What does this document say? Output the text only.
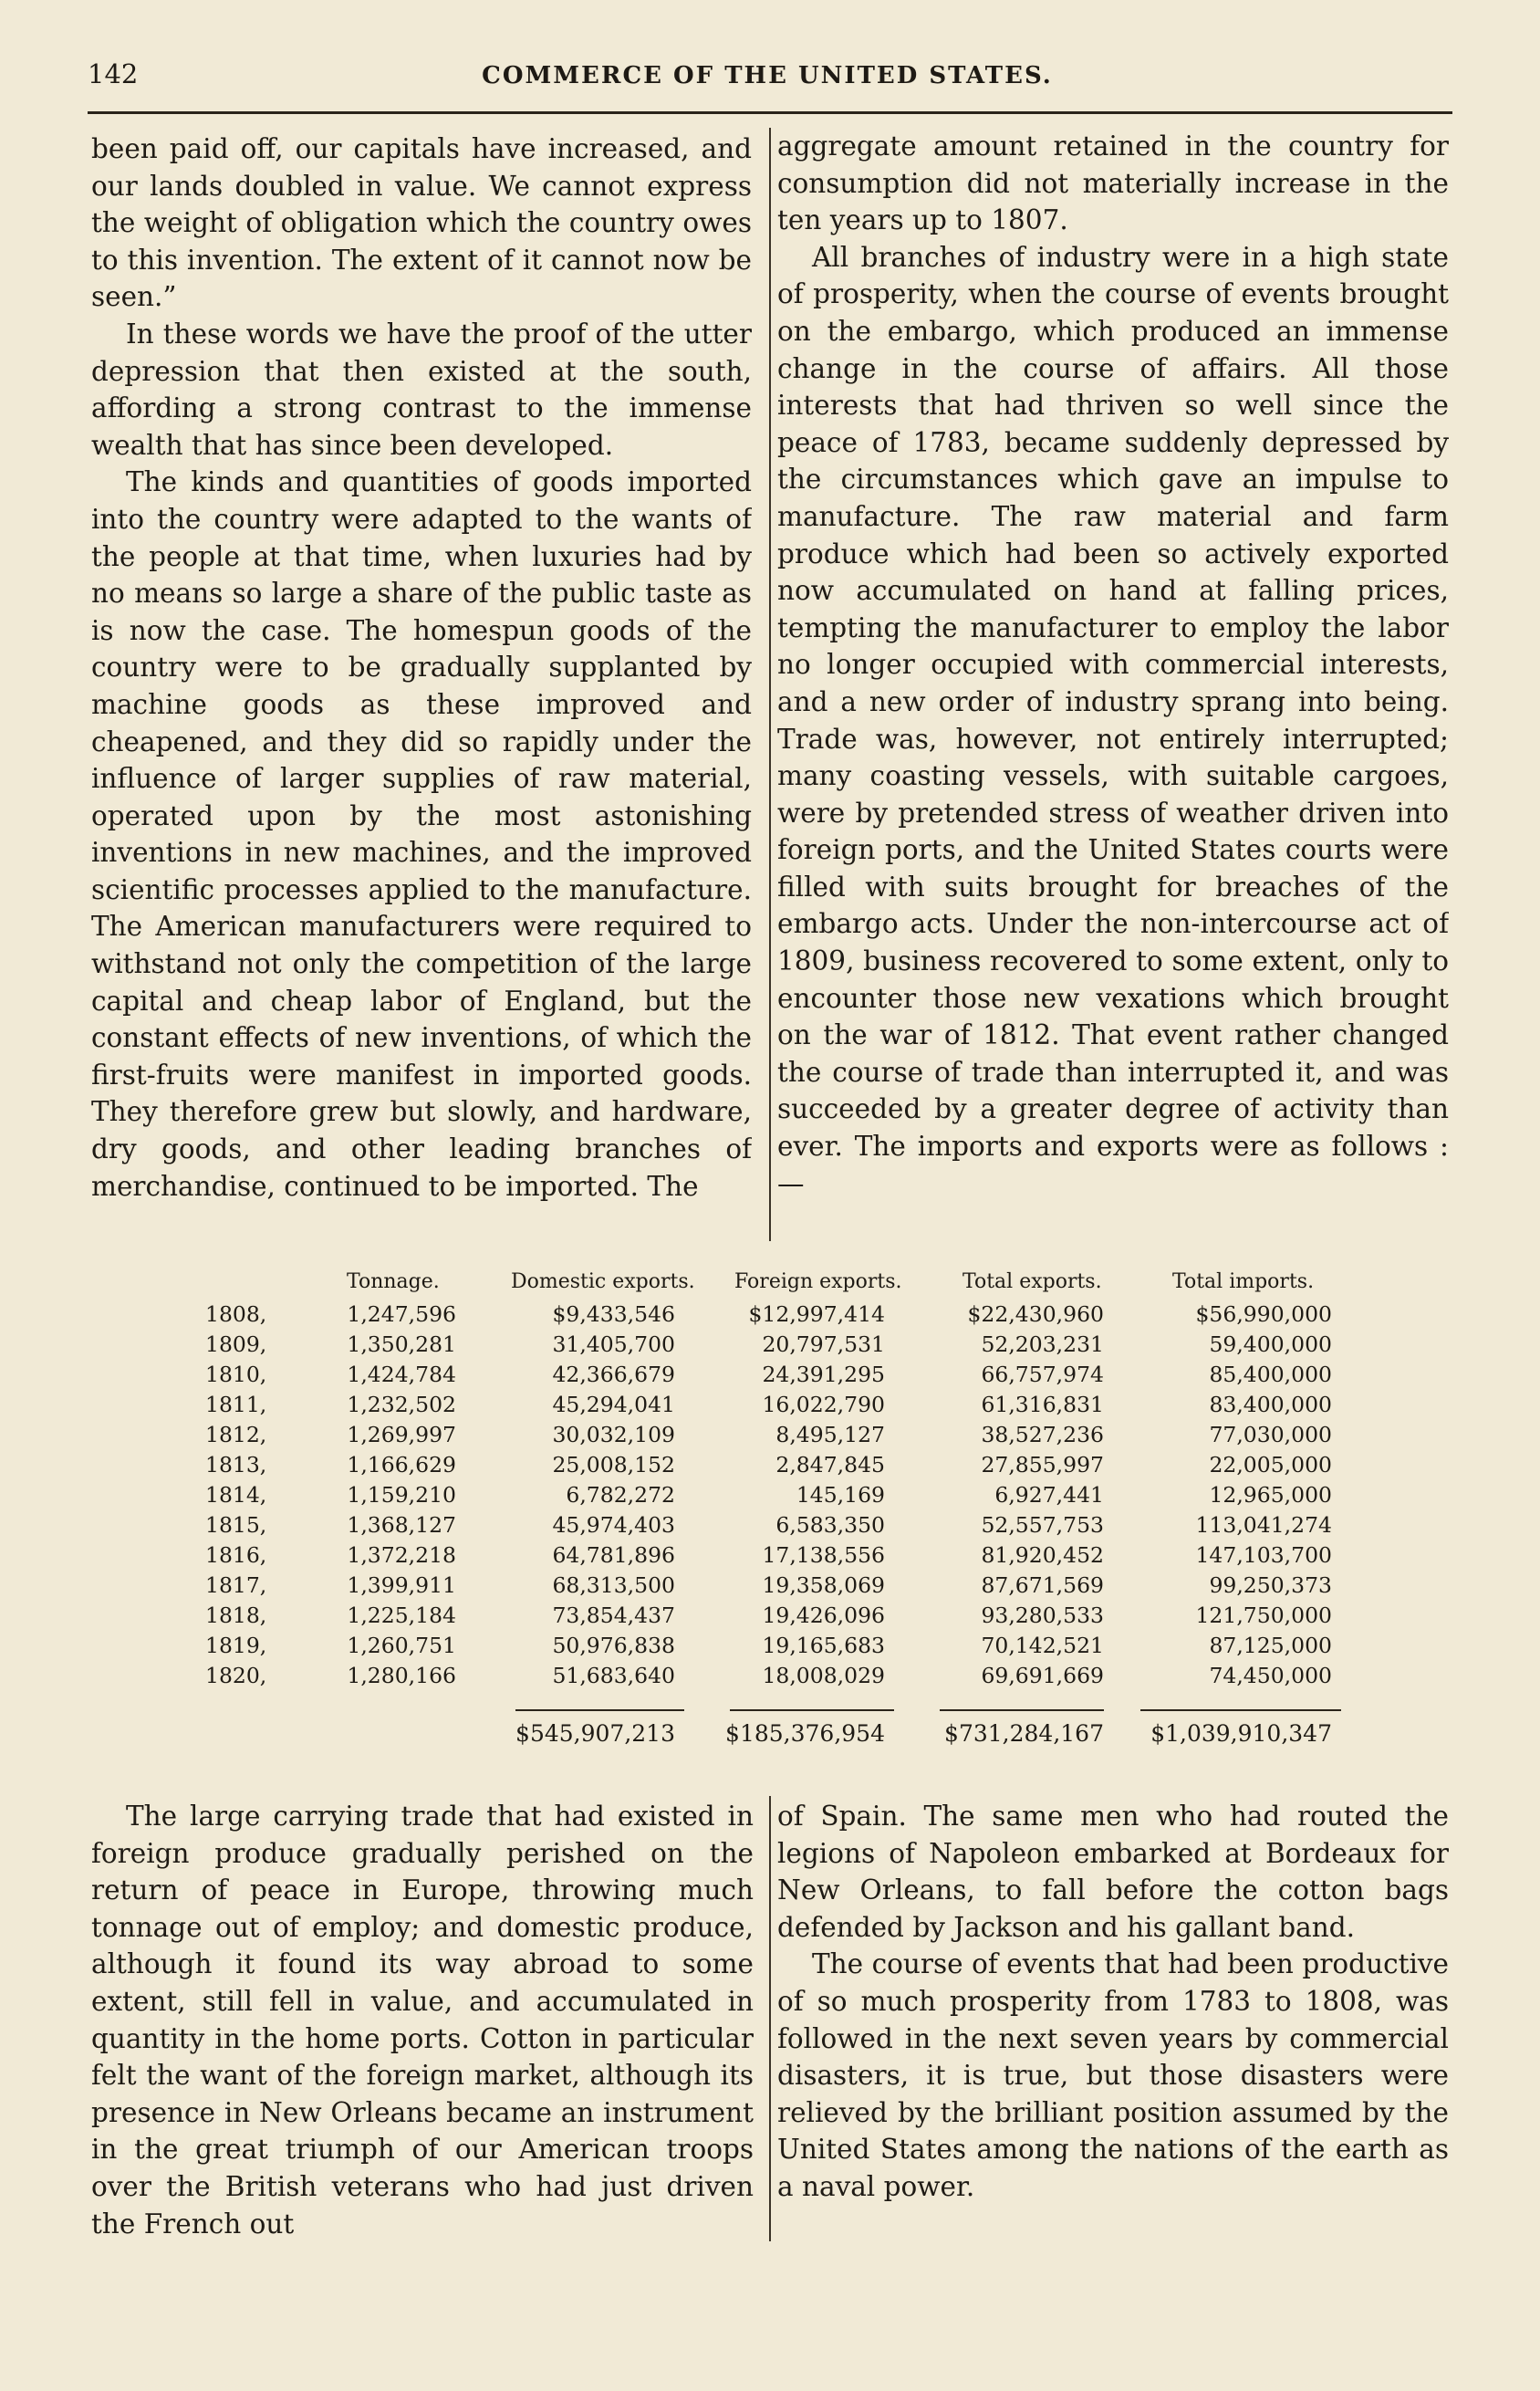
142	COMMERCE OF THE UNITED STATES.

been paid off, our capitals have increased, and our lands doubled in value. We cannot express the weight of obligation which the country owes to this invention. The extent of it cannot now be seen.”

In these words we have the proof of the utter depression that then existed at the south, affording a strong contrast to the immense wealth that has since been developed.

The kinds and quantities of goods imported into the country were adapted to the wants of the people at that time, when luxuries had by no means so large a share of the public taste as is now the case. The homespun goods of the country were to be gradually supplanted by machine goods as these improved and cheapened, and they did so rapidly under the influence of larger supplies of raw material, operated upon by the most astonishing inventions in new machines, and the improved scientific processes applied to the manufacture. The American manufacturers were required to withstand not only the competition of the large capital and cheap labor of England, but the constant effects of new inventions, of which the first-fruits were manifest in imported goods. They therefore grew but slowly, and hardware, dry goods, and other leading branches of merchandise, continued to be imported. The

aggregate amount retained in the country for consumption did not materially increase in the ten years up to 1807.

All branches of industry were in a high state of prosperity, when the course of events brought on the embargo, which produced an immense change in the course of affairs. All those interests that had thriven so well since the peace of 1783, became suddenly depressed by the circumstances which gave an impulse to manufacture. The raw material and farm produce which had been so actively exported now accumulated on hand at falling prices, tempting the manufacturer to employ the labor no longer occupied with commercial interests, and a new order of industry sprang into being. Trade was, however, not entirely interrupted; many coasting vessels, with suitable cargoes, were by pretended stress of weather driven into foreign ports, and the United States courts were filled with suits brought for breaches of the embargo acts. Under the non-intercourse act of 1809, business recovered to some extent, only to encounter those new vexations which brought on the war of 1812. That event rather changed the course of trade than interrupted it, and was succeeded by a greater degree of activity than ever. The imports and exports were as follows :—

Tonnage.	Domestic exports.	Foreign exports.	Total exports.	Total imports.
1808,	1,247,596	$9,433,546	$12,997,414	$22,430,960	$56,990,000
1809,	1,350,281	31,405,700	20,797,531	52,203,231	59,400,000
1810,	1,424,784	42,366,679	24,391,295	66,757,974	85,400,000
1811,	1,232,502	45,294,041	16,022,790	61,316,831	83,400,000
1812,	1,269,997	30,032,109	8,495,127	38,527,236	77,030,000
1813,	1,166,629	25,008,152	2,847,845	27,855,997	22,005,000
1814,	1,159,210	6,782,272	145,169	6,927,441	12,965,000
1815,	1,368,127	45,974,403	6,583,350	52,557,753	113,041,274
1816,	1,372,218	64,781,896	17,138,556	81,920,452	147,103,700
1817,	1,399,911	68,313,500	19,358,069	87,671,569	99,250,373
1818,	1,225,184	73,854,437	19,426,096	93,280,533	121,750,000
1819,	1,260,751	50,976,838	19,165,683	70,142,521	87,125,000
1820,	1,280,166	51,683,640	18,008,029	69,691,669	74,450,000
$545,907,213	$185,376,954	$731,284,167	$1,039,910,347

The large carrying trade that had existed in foreign produce gradually perished on the return of peace in Europe, throwing much tonnage out of employ; and domestic produce, although it found its way abroad to some extent, still fell in value, and accumulated in quantity in the home ports. Cotton in particular felt the want of the foreign market, although its presence in New Orleans became an instrument in the great triumph of our American troops over the British veterans who had just driven the French out

of Spain. The same men who had routed the legions of Napoleon embarked at Bordeaux for New Orleans, to fall before the cotton bags defended by Jackson and his gallant band.

The course of events that had been productive of so much prosperity from 1783 to 1808, was followed in the next seven years by commercial disasters, it is true, but those disasters were relieved by the brilliant position assumed by the United States among the nations of the earth as a naval power.
